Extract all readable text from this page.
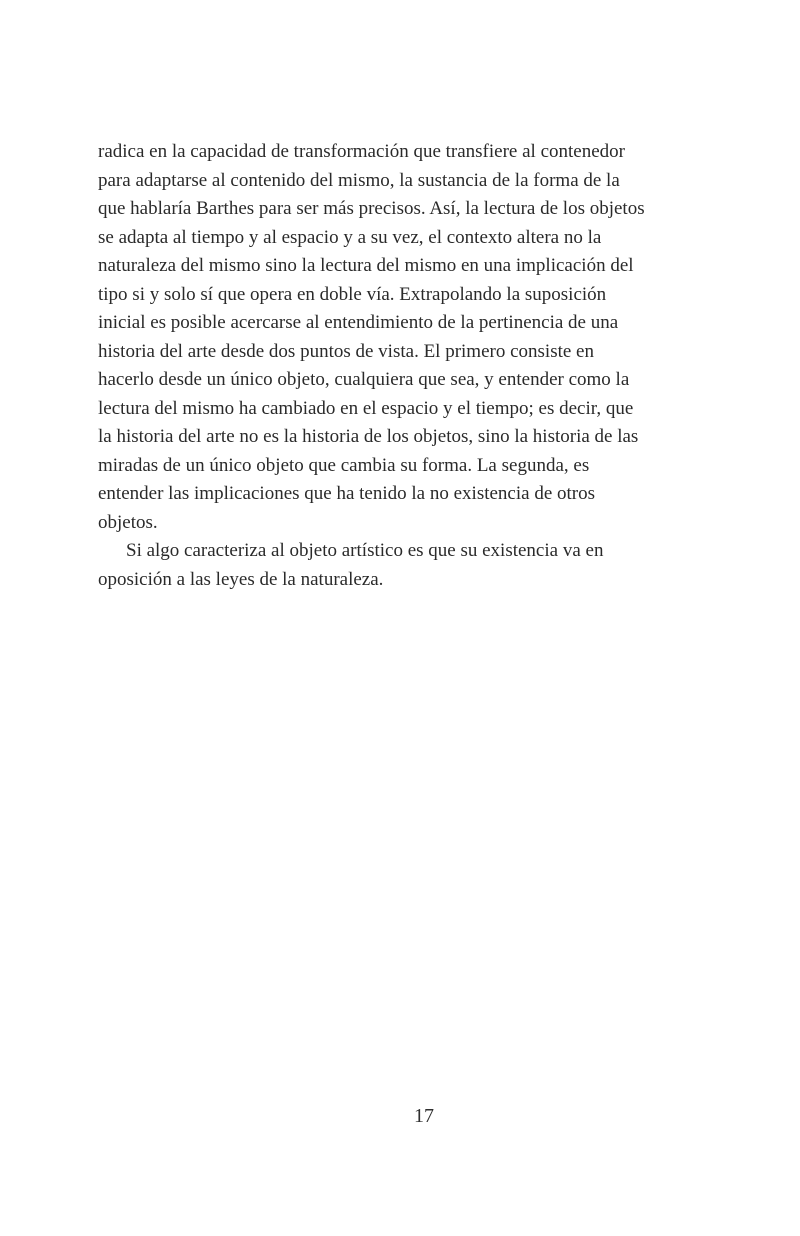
radica en la capacidad de transformación que transfiere al contenedor
para adaptarse al contenido del mismo, la sustancia de la forma de la
que hablaría Barthes para ser más precisos. Así, la lectura de los objetos
se adapta al tiempo y al espacio y a su vez, el contexto altera no la
naturaleza del mismo sino la lectura del mismo en una implicación del
tipo si y solo sí que opera en doble vía. Extrapolando la suposición
inicial es posible acercarse al entendimiento de la pertinencia de una
historia del arte desde dos puntos de vista. El primero consiste en
hacerlo desde un único objeto, cualquiera que sea, y entender como la
lectura del mismo ha cambiado en el espacio y el tiempo; es decir, que
la historia del arte no es la historia de los objetos, sino la historia de las
miradas de un único objeto que cambia su forma. La segunda, es
entender las implicaciones que ha tenido la no existencia de otros
objetos.
Si algo caracteriza al objeto artístico es que su existencia va en
oposición a las leyes de la naturaleza.
17
